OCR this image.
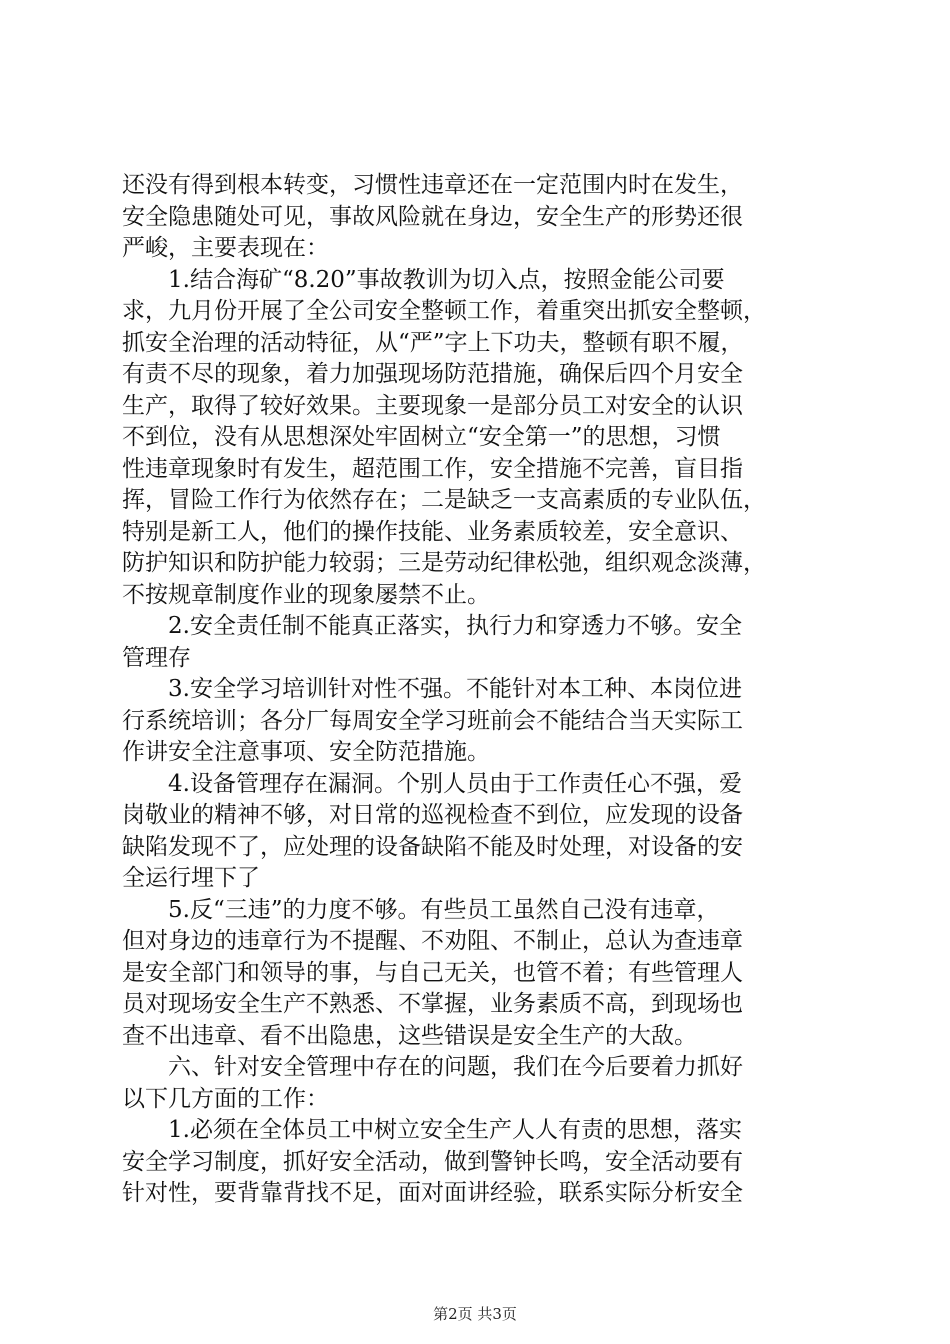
还没有得到根本转变，习惯性违章还在一定范围内时在发生，
安全隐患随处可见，事故风险就在身边，安全生产的形势还很
严峻，主要表现在：
1.结合海矿“8.20”事故教训为切入点，按照金能公司要
求，九月份开展了全公司安全整顿工作，着重突出抓安全整顿，
抓安全治理的活动特征，从“严”字上下功夫，整顿有职不履，
有责不尽的现象，着力加强现场防范措施，确保后四个月安全
生产，取得了较好效果。主要现象一是部分员工对安全的认识
不到位，没有从思想深处牢固树立“安全第一”的思想，习惯
性违章现象时有发生，超范围工作，安全措施不完善，盲目指
挥，冒险工作行为依然存在；二是缺乏一支高素质的专业队伍，
特别是新工人，他们的操作技能、业务素质较差，安全意识、
防护知识和防护能力较弱；三是劳动纪律松弛，组织观念淡薄，
不按规章制度作业的现象屡禁不止。
2.安全责任制不能真正落实，执行力和穿透力不够。安全
管理存
3.安全学习培训针对性不强。不能针对本工种、本岗位进
行系统培训；各分厂每周安全学习班前会不能结合当天实际工
作讲安全注意事项、安全防范措施。
4.设备管理存在漏洞。个别人员由于工作责任心不强，爱
岗敬业的精神不够，对日常的巡视检查不到位，应发现的设备
缺陷发现不了，应处理的设备缺陷不能及时处理，对设备的安
全运行埋下了
5.反“三违”的力度不够。有些员工虽然自己没有违章，
但对身边的违章行为不提醒、不劝阻、不制止，总认为查违章
是安全部门和领导的事，与自己无关，也管不着；有些管理人
员对现场安全生产不熟悉、不掌握，业务素质不高，到现场也
查不出违章、看不出隐患，这些错误是安全生产的大敌。
六、针对安全管理中存在的问题，我们在今后要着力抓好
以下几方面的工作：
1.必须在全体员工中树立安全生产人人有责的思想，落实
安全学习制度，抓好安全活动，做到警钟长鸣，安全活动要有
针对性，要背靠背找不足，面对面讲经验，联系实际分析安全
第2页 共3页
